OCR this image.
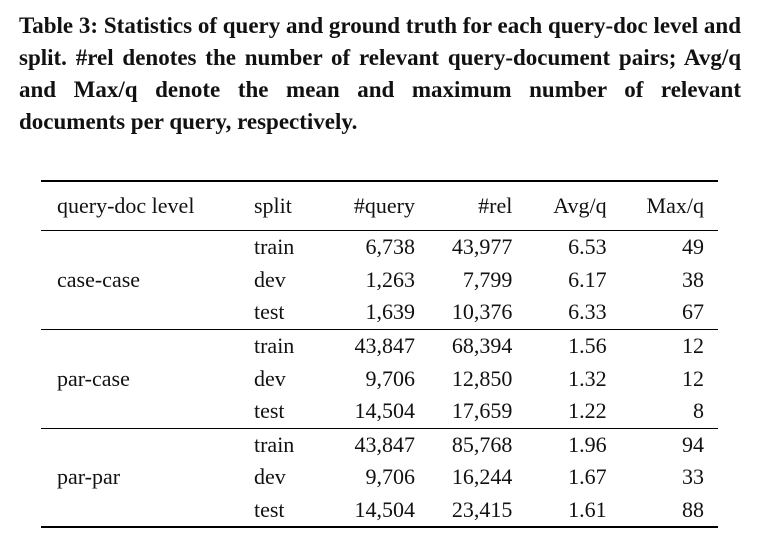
Table 3: Statistics of query and ground truth for each query-doc level and split. #rel denotes the number of relevant query-document pairs; Avg/q and Max/q denote the mean and maximum number of relevant documents per query, respectively.
query-doc level	split	#query	#rel	Avg/q	Max/q
case-case	train	6,738	43,977	6.53	49
	dev	1,263	7,799	6.17	38
	test	1,639	10,376	6.33	67
par-case	train	43,847	68,394	1.56	12
	dev	9,706	12,850	1.32	12
	test	14,504	17,659	1.22	8
par-par	train	43,847	85,768	1.96	94
	dev	9,706	16,244	1.67	33
	test	14,504	23,415	1.61	88
